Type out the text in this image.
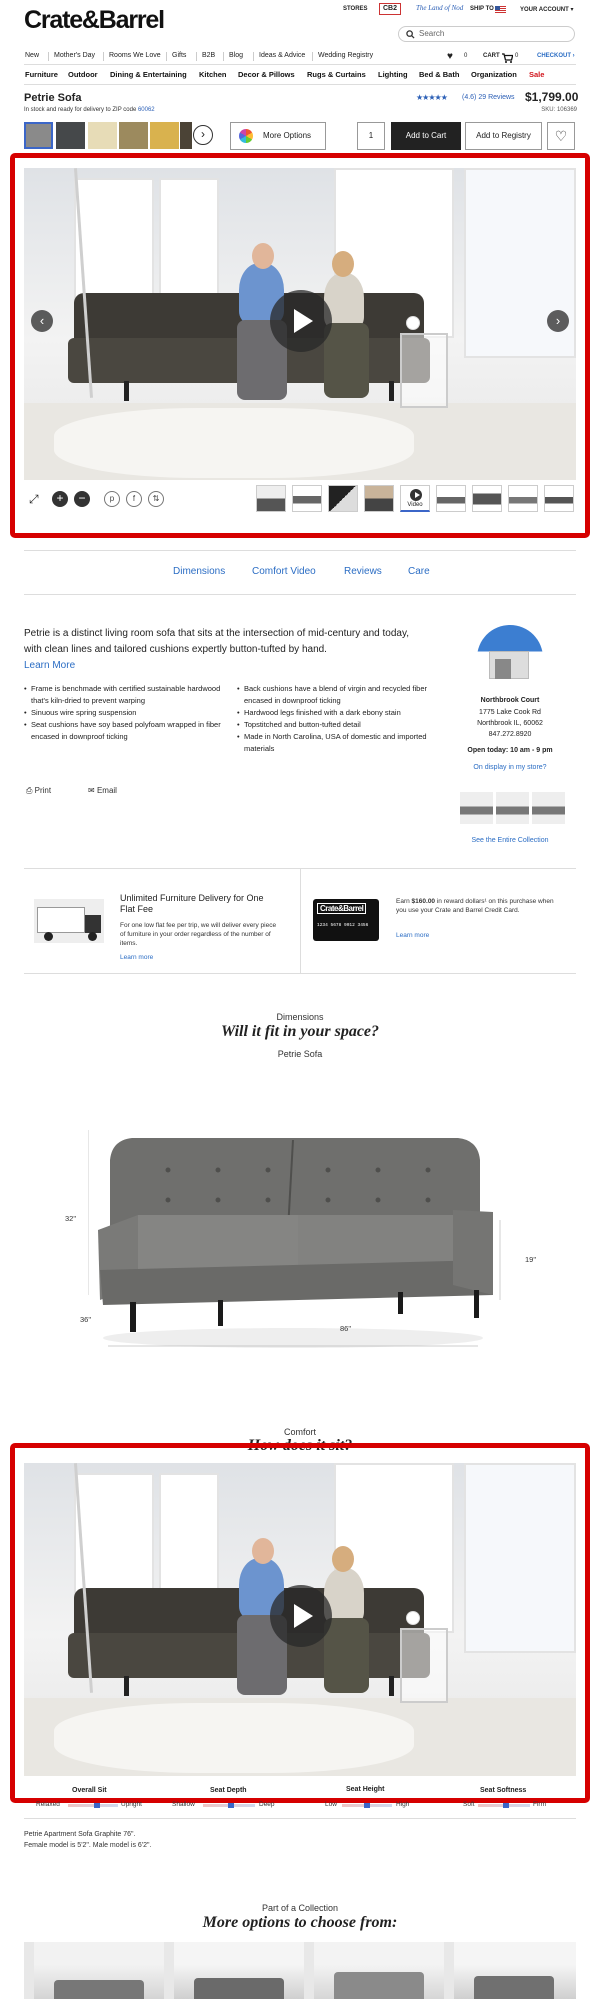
Crate&Barrel	STORES	CB2	The Land of Nod SHIP TO	YOUR ACCOUNT ▾
Search
New Mother's Day Rooms We Love Gifts B2B Blog Ideas & Advice Wedding Registry	♥ 0	CART	0	CHECKOUT ›
Furniture Outdoor Dining & Entertaining Kitchen Decor & Pillows Rugs & Curtains Lighting Bed & Bath Organization Sale
Petrie Sofa
In stock and ready for delivery to ZIP code 60062
★★★★★ (4.6) 29 Reviews $1,799.00
SKU: 106369
›	More Options	1	Add to Cart	Add to Registry	♡
‹	›
⤢	+	−	p	f	⇅
Video
Dimensions	Comfort Video	Reviews	Care
Petrie is a distinct living room sofa that sits at the intersection of mid-century and today, with clean lines and tailored cushions expertly button-tufted by hand.
Learn More
• Frame is benchmade with certified sustainable hardwood that's kiln-dried to prevent warping
• Sinuous wire spring suspension
• Seat cushions have soy based polyfoam wrapped in fiber encased in downproof ticking
• Back cushions have a blend of virgin and recycled fiber encased in downproof ticking
• Hardwood legs finished with a dark ebony stain
• Topstitched and button-tufted detail
• Made in North Carolina, USA of domestic and imported materials
⎙ Print	✉ Email
Northbrook Court
1775 Lake Cook Rd
Northbrook IL, 60062
847.272.8920
Open today: 10 am - 9 pm
On display in my store?
See the Entire Collection
Unlimited Furniture Delivery for One Flat Fee
For one low flat fee per trip, we will deliver every piece of furniture in your order regardless of the number of items.
Learn more
Crate&Barrel
1234 5678 9012 3456
Earn $160.00 in reward dollars¹ on this purchase when you use your Crate and Barrel Credit Card.
Learn more
Dimensions
Will it fit in your space?
Petrie Sofa
32"
19"
36"
86"
Comfort
How does it sit?
Overall Sit	Seat Depth	Seat Height	Seat Softness
Relaxed	Upright	Shallow	Deep	Low	High	Soft	Firm
Petrie Apartment Sofa Graphite 76".
Female model is 5'2". Male model is 6'2".
Part of a Collection
More options to choose from:
